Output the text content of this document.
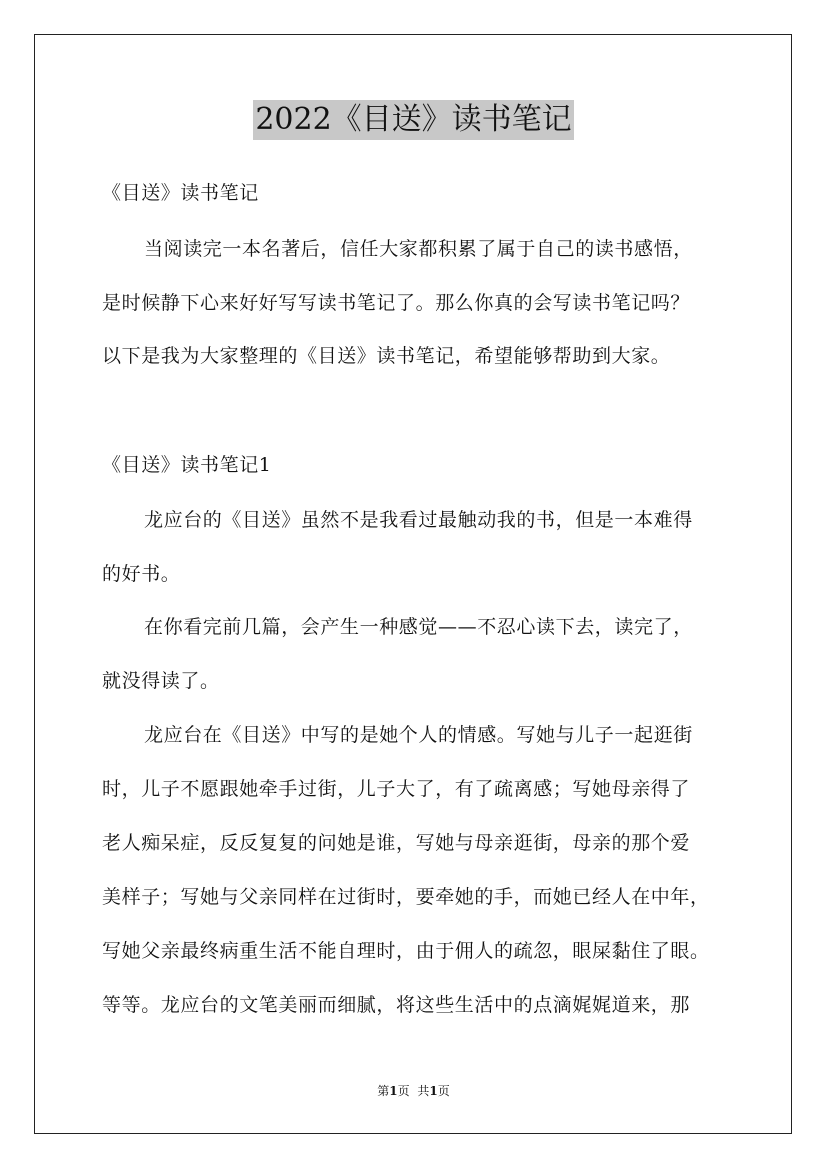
2022《目送》读书笔记
《目送》读书笔记
当阅读完一本名著后，信任大家都积累了属于自己的读书感悟，
是时候静下心来好好写写读书笔记了。那么你真的会写读书笔记吗？
以下是我为大家整理的《目送》读书笔记，希望能够帮助到大家。
《目送》读书笔记1
龙应台的《目送》虽然不是我看过最触动我的书，但是一本难得
的好书。
在你看完前几篇，会产生一种感觉——不忍心读下去，读完了，
就没得读了。
龙应台在《目送》中写的是她个人的情感。写她与儿子一起逛街
时，儿子不愿跟她牵手过街，儿子大了，有了疏离感；写她母亲得了
老人痴呆症，反反复复的问她是谁，写她与母亲逛街，母亲的那个爱
美样子；写她与父亲同样在过街时，要牵她的手，而她已经人在中年，
写她父亲最终病重生活不能自理时，由于佣人的疏忽，眼屎黏住了眼。
等等。龙应台的文笔美丽而细腻，将这些生活中的点滴娓娓道来，那
第1页 共1页
